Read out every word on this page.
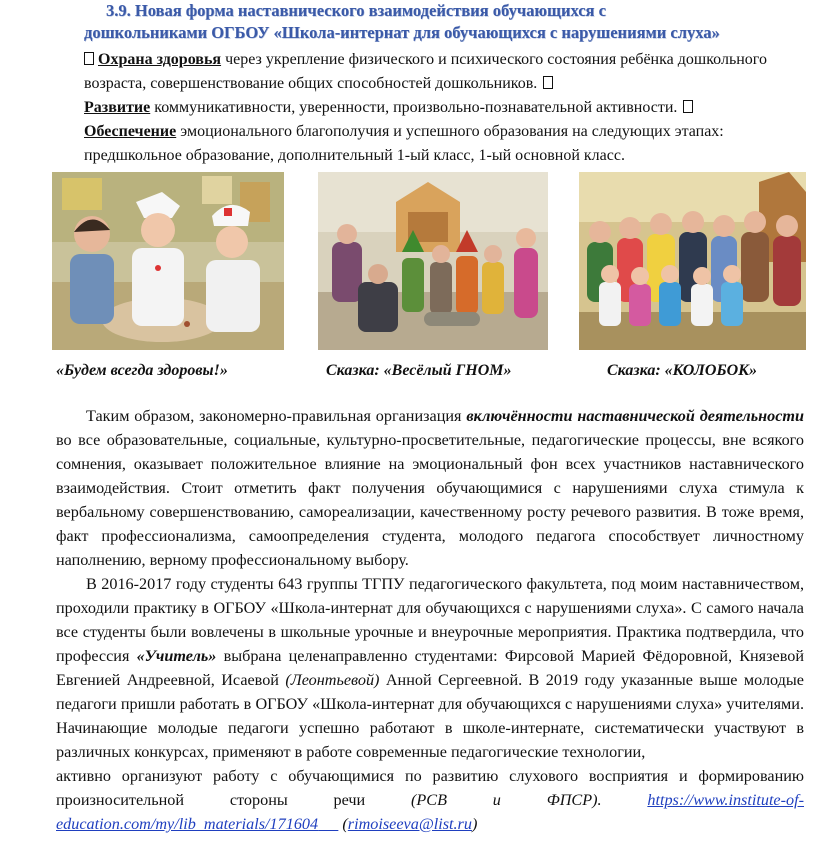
3.9. Новая форма наставнического взаимодействия обучающихся с
дошкольниками ОГБОУ «Школа-интернат для обучающихся с нарушениями слуха»

Охрана здоровья через укрепление физического и психического состояния ребёнка дошкольного возраста, совершенствование общих способностей дошкольников.

Развитие коммуникативности, уверенности, произвольно-познавательной активности.

Обеспечение эмоционального благополучия и успешного образования на следующих этапах: предшкольное образование, дополнительный 1-ый класс, 1-ый основной класс.

«Будем всегда здоровы!»	Сказка: «Весёлый ГНОМ»	Сказка: «КОЛОБОК»

Таким образом, закономерно-правильная организация включённости наставнической деятельности во все образовательные, социальные, культурно-просветительные, педагогические процессы, вне всякого сомнения, оказывает положительное влияние на эмоциональный фон всех участников наставнического взаимодействия. Стоит отметить факт получения обучающимися с нарушениями слуха стимула к вербальному совершенствованию, самореализации, качественному росту речевого развития. В тоже время, факт профессионализма, самоопределения студента, молодого педагога способствует личностному наполнению, верному профессиональному выбору.

В 2016-2017 году студенты 643 группы ТГПУ педагогического факультета, под моим наставничеством, проходили практику в ОГБОУ «Школа-интернат для обучающихся с нарушениями слуха». С самого начала все студенты были вовлечены в школьные урочные и внеурочные мероприятия. Практика подтвердила, что профессия «Учитель» выбрана целенаправленно студентами: Фирсовой Марией Фёдоровной, Князевой Евгенией Андреевной, Исаевой (Леонтьевой) Анной Сергеевной. В 2019 году указанные выше молодые педагоги пришли работать в ОГБОУ «Школа-интернат для обучающихся с нарушениями слуха» учителями. Начинающие молодые педагоги успешно работают в школе-интернате, систематически участвуют в различных конкурсах, применяют в работе современные педагогические технологии,

активно организуют работу с обучающимися по развитию слухового восприятия и формированию произносительной стороны речи (РСВ и ФПСР).	https://www.institute-of-education.com/my/lib_materials/171604      (rimoiseeva@list.ru)
